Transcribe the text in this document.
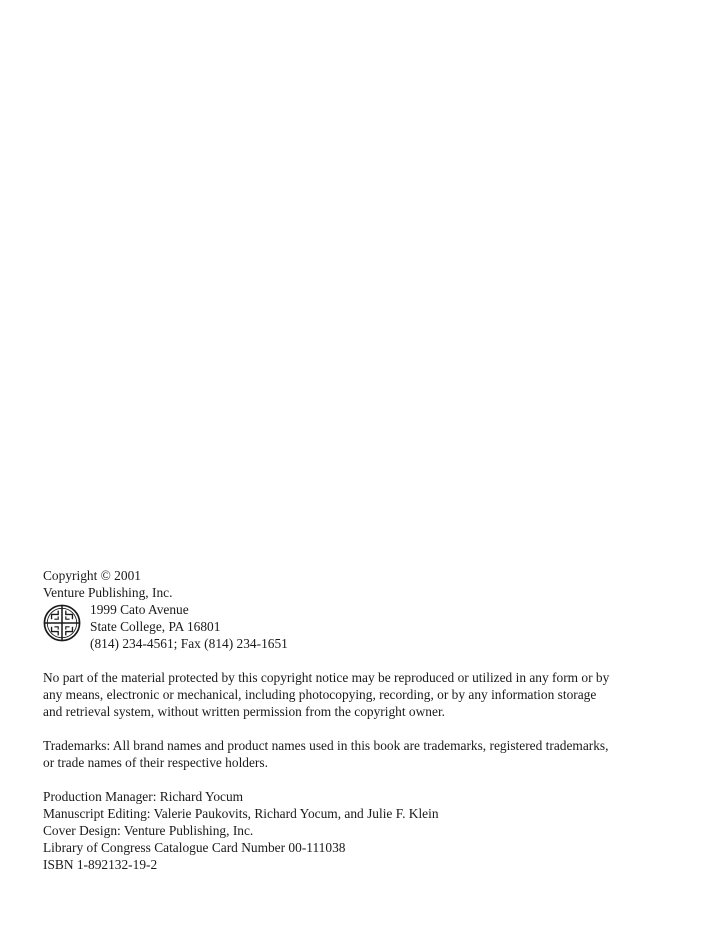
Copyright © 2001
Venture Publishing, Inc.
1999 Cato Avenue
State College, PA 16801
(814) 234-4561; Fax (814) 234-1651
No part of the material protected by this copyright notice may be reproduced or utilized in any form or by
any means, electronic or mechanical, including photocopying, recording, or by any information storage
and retrieval system, without written permission from the copyright owner.
Trademarks: All brand names and product names used in this book are trademarks, registered trademarks,
or trade names of their respective holders.
Production Manager: Richard Yocum
Manuscript Editing: Valerie Paukovits, Richard Yocum, and Julie F. Klein
Cover Design: Venture Publishing, Inc.
Library of Congress Catalogue Card Number 00-111038
ISBN 1-892132-19-2
